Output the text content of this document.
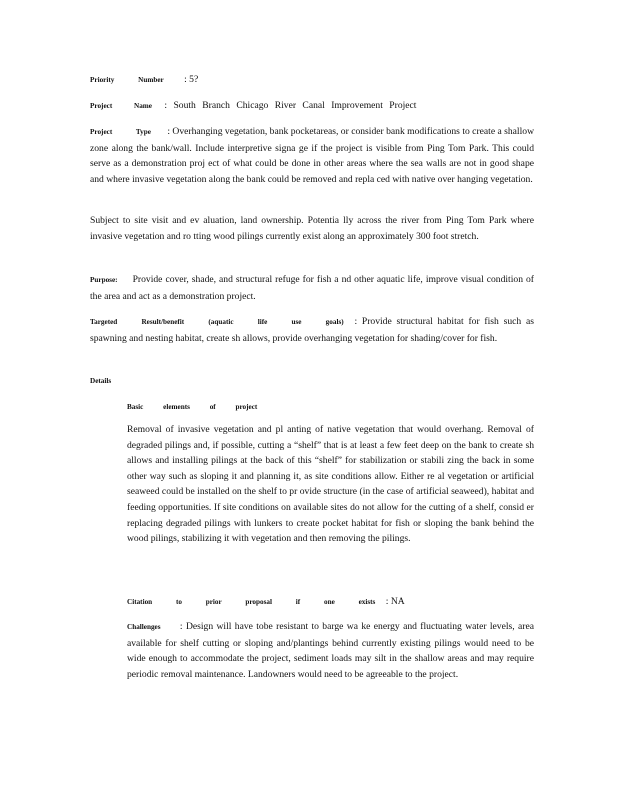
Priority Number : 5?
Project Name : South Branch Chicago River Canal Improvement Project
Project Type : Overhanging vegetation, bank pocketareas, or consider bank modifications to create a shallow zone along the bank/wall. Include interpretive signa ge if the project is visible from Ping Tom Park. This could serve as a demonstration proj ect of what could be done in other areas where the sea walls are not in good shape and where invasive vegetation along the bank could be removed and repla ced with native over hanging vegetation.
Subject to site visit and ev aluation, land ownership. Potentia lly across the river from Ping Tom Park where invasive vegetation and ro tting wood pilings currently exist along an approximately 300 foot stretch.
Purpose: Provide cover, shade, and structural refuge for fish a nd other aquatic life, improve visual condition of the area and act as a demonstration project.
Targeted Result/benefit (aquatic life use goals) : Provide structural habitat for fish such as spawning and nesting habitat, create sh allows, provide overhanging vegetation for shading/cover for fish.
Details
Basic elements of project
Removal of invasive vegetation and pl anting of native vegetation that would overhang. Removal of degraded pilings and, if possible, cutting a “shelf” that is at least a few feet deep on the bank to create sh allows and installing pilings at the back of this “shelf” for stabilization or stabili zing the back in some other way such as sloping it and planning it, as site conditions allow. Either re al vegetation or artificial seaweed could be installed on the shelf to pr ovide structure (in the case of artificial seaweed), habitat and feeding opportunities. If site conditions on available sites do not allow for the cutting of a shelf, consid er replacing degraded pilings with lunkers to create pocket habitat for fish or sloping the bank behind the wood pilings, stabilizing it with vegetation and then removing the pilings.
Citation to prior proposal if one exists : NA
Challenges : Design will have tobe resistant to barge wa ke energy and fluctuating water levels, area available for shelf cutting or sloping and/plantings behind currently existing pilings would need to be wide enough to accommodate the project, sediment loads may silt in the shallow areas and may require periodic removal maintenance. Landowners would need to be agreeable to the project.
